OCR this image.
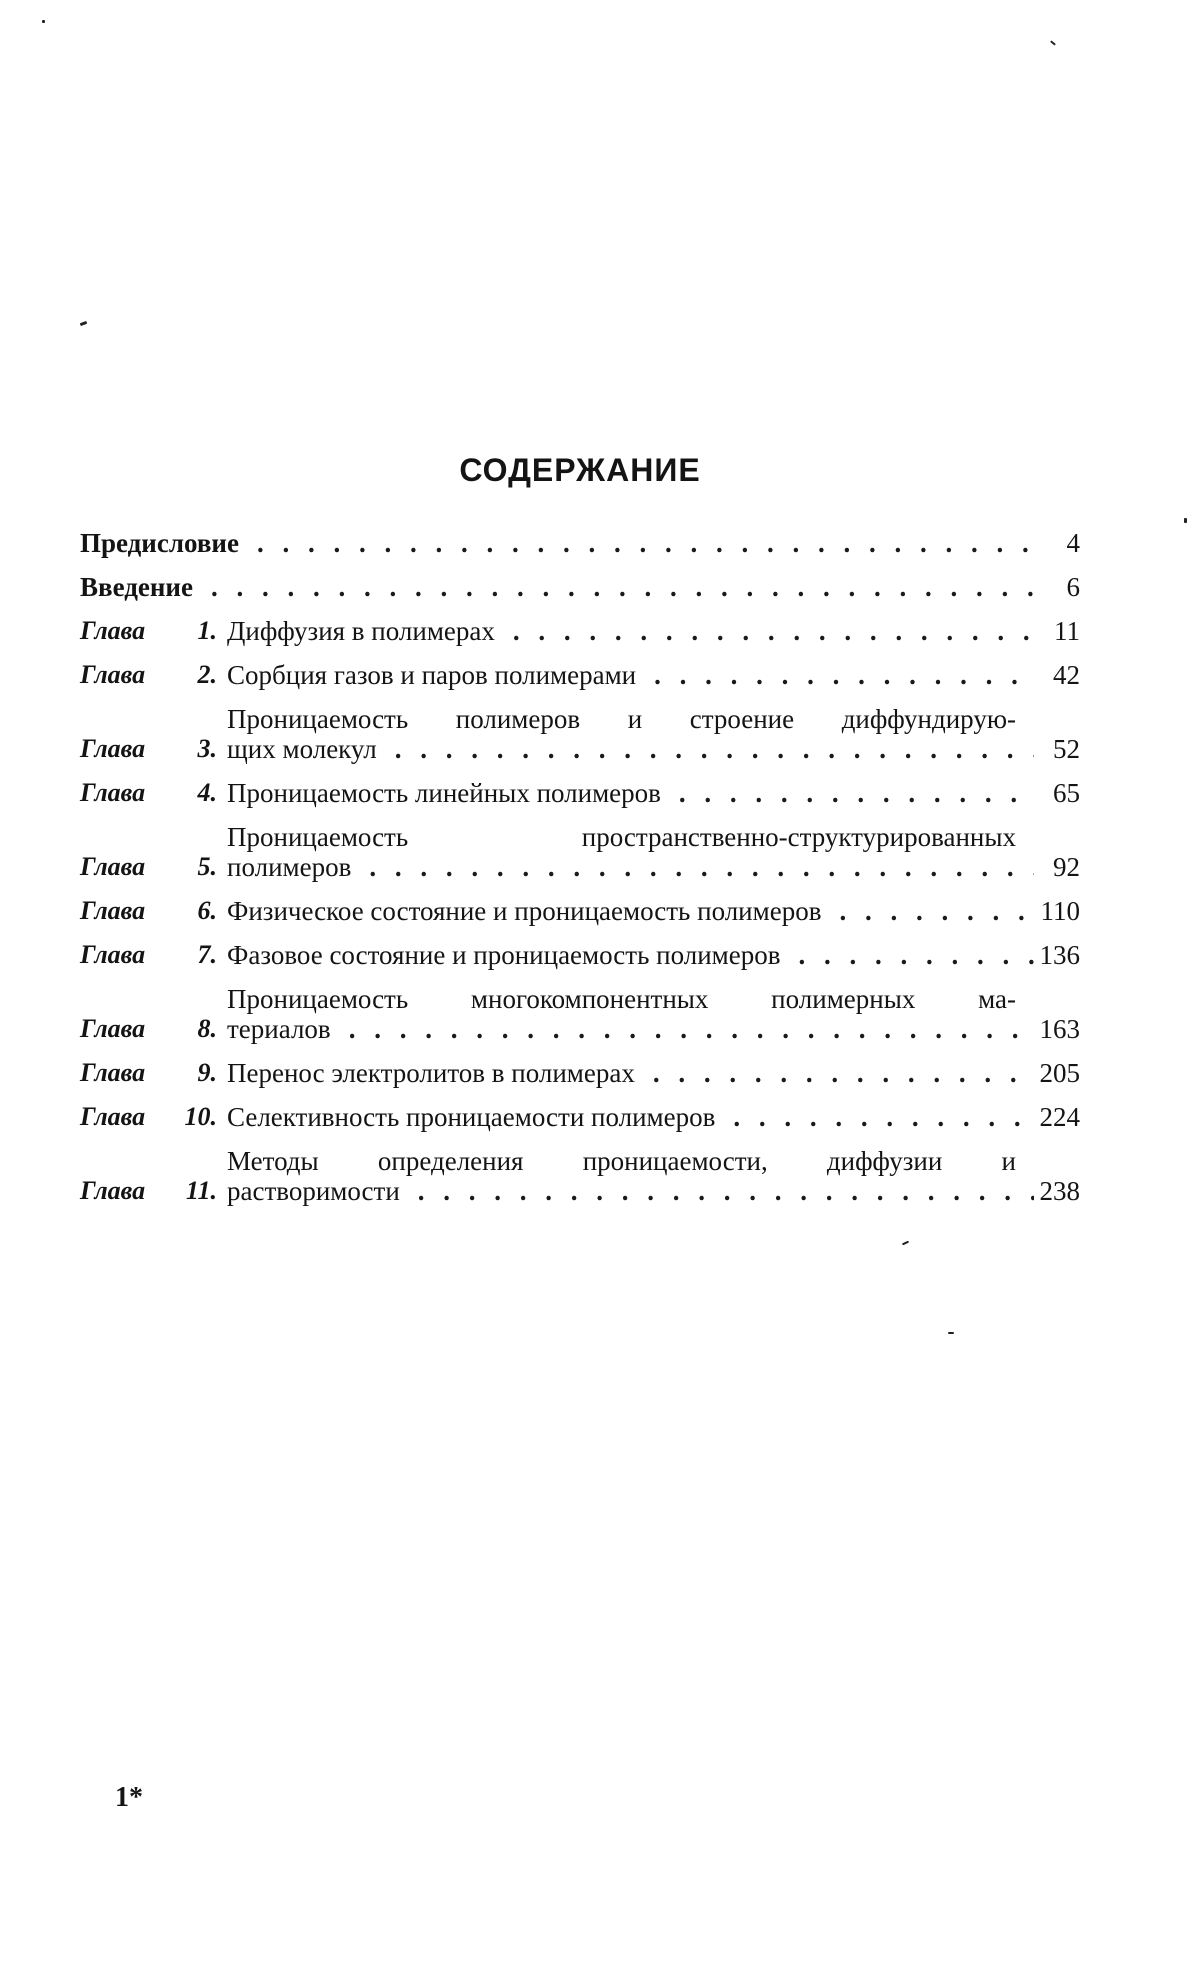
СОДЕРЖАНИЕ
Предисловие . . .	4
Введение . . .	6
Глава 1. Диффузия в полимерах . . .	11
Глава 2. Сорбция газов и паров полимерами . . .	42
Глава 3.
Проницаемость полимеров и строение диффундирую-
щих молекул . . .	52
Глава 4. Проницаемость линейных полимеров . . .	65
Глава 5.
Проницаемость пространственно-структурированных
полимеров . . .	92
Глава 6. Физическое состояние и проницаемость полимеров . . .	110
Глава 7. Фазовое состояние и проницаемость полимеров . . .	136
Глава 8.
Проницаемость многокомпонентных полимерных ма-
териалов . . .	163
Глава 9. Перенос электролитов в полимерах . . .	205
Глава 10. Селективность проницаемости полимеров . . .	224
Глава 11.
Методы определения проницаемости, диффузии и
растворимости . . .	238
1*
